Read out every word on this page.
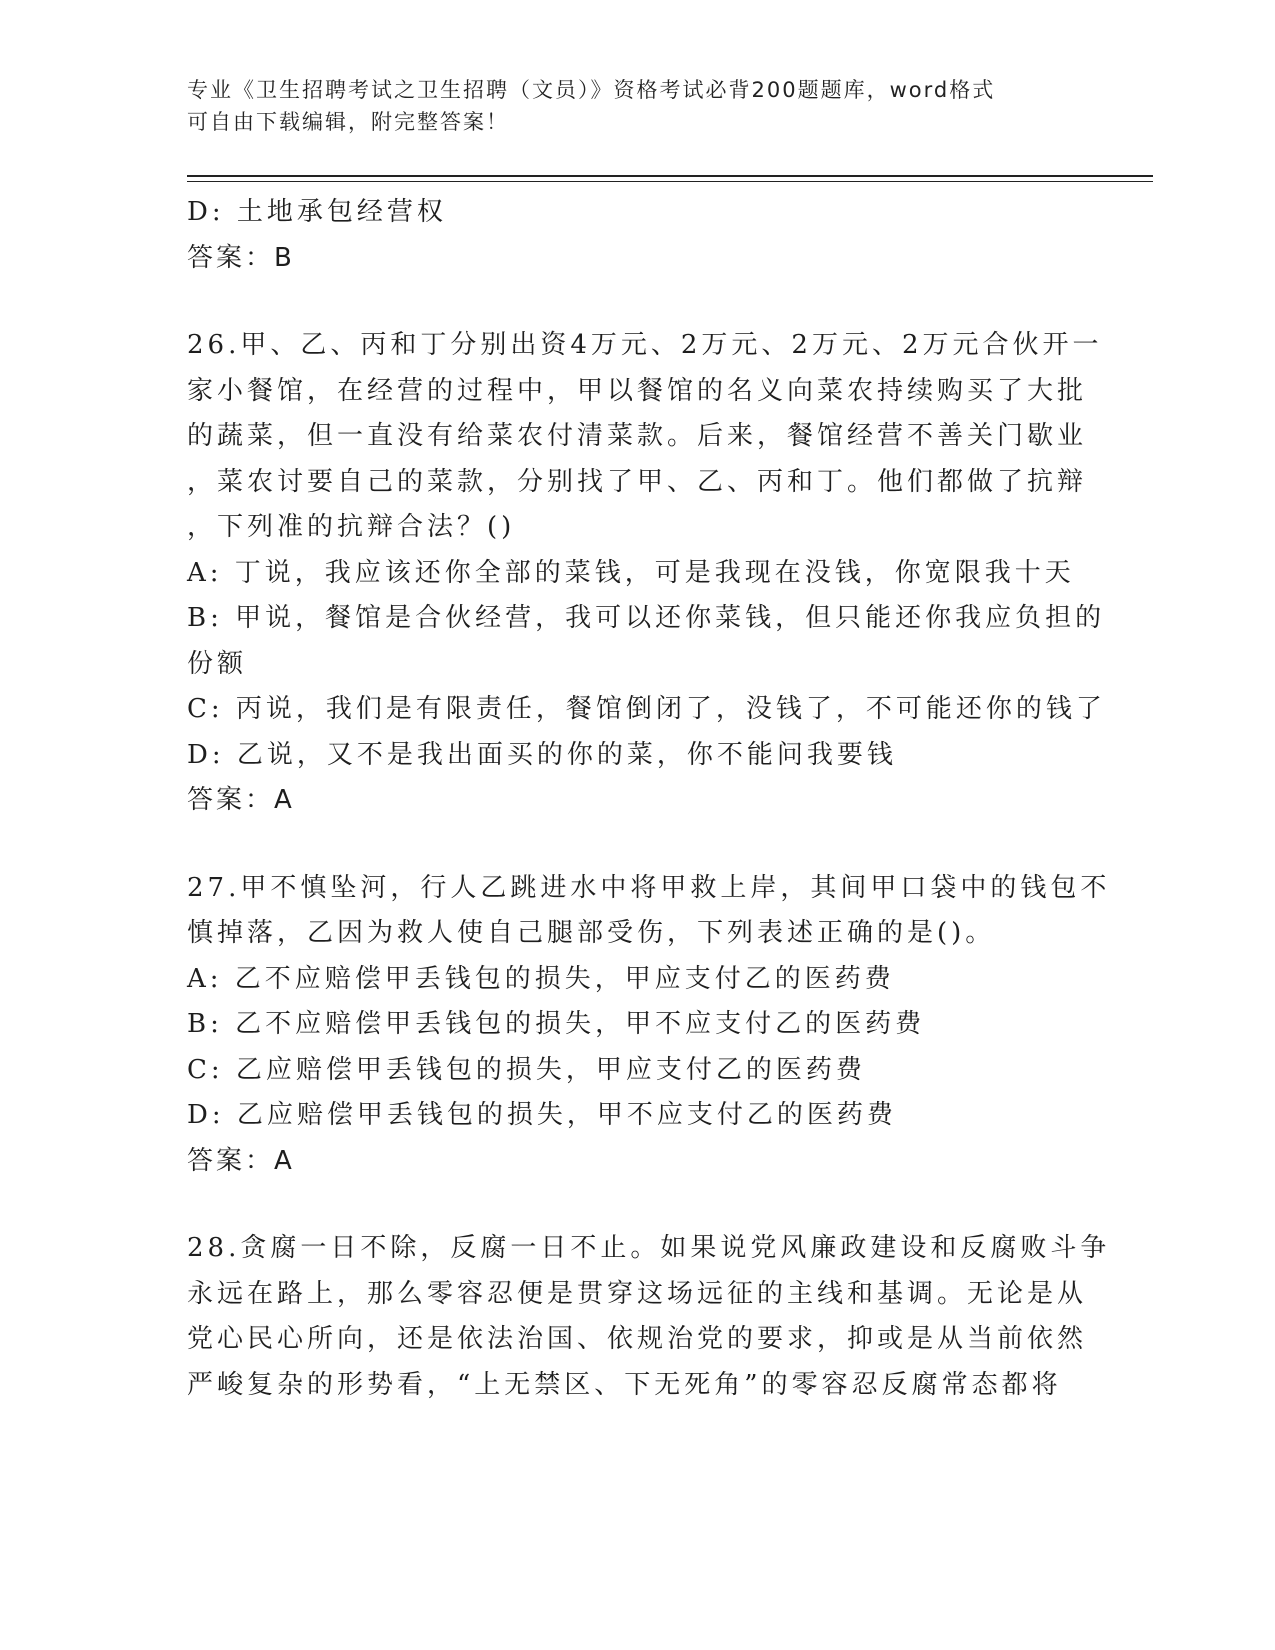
专业《卫生招聘考试之卫生招聘（文员）》资格考试必背200题题库，word格式
可自由下载编辑，附完整答案！
D: 土地承包经营权
答案：B
26.甲、乙、丙和丁分别出资4万元、2万元、2万元、2万元合伙开一
家小餐馆，在经营的过程中，甲以餐馆的名义向菜农持续购买了大批
的蔬菜，但一直没有给菜农付清菜款。后来，餐馆经营不善关门歇业
，菜农讨要自己的菜款，分别找了甲、乙、丙和丁。他们都做了抗辩
，下列准的抗辩合法？()
A: 丁说，我应该还你全部的菜钱，可是我现在没钱，你宽限我十天
B: 甲说，餐馆是合伙经营，我可以还你菜钱，但只能还你我应负担的
份额
C: 丙说，我们是有限责任，餐馆倒闭了，没钱了，不可能还你的钱了
D: 乙说，又不是我出面买的你的菜，你不能问我要钱
答案：A
27.甲不慎坠河，行人乙跳进水中将甲救上岸，其间甲口袋中的钱包不
慎掉落，乙因为救人使自己腿部受伤，下列表述正确的是()。
A: 乙不应赔偿甲丢钱包的损失，甲应支付乙的医药费
B: 乙不应赔偿甲丢钱包的损失，甲不应支付乙的医药费
C: 乙应赔偿甲丢钱包的损失，甲应支付乙的医药费
D: 乙应赔偿甲丢钱包的损失，甲不应支付乙的医药费
答案：A
28.贪腐一日不除，反腐一日不止。如果说党风廉政建设和反腐败斗争
永远在路上，那么零容忍便是贯穿这场远征的主线和基调。无论是从
党心民心所向，还是依法治国、依规治党的要求，抑或是从当前依然
严峻复杂的形势看，“上无禁区、下无死角”的零容忍反腐常态都将
